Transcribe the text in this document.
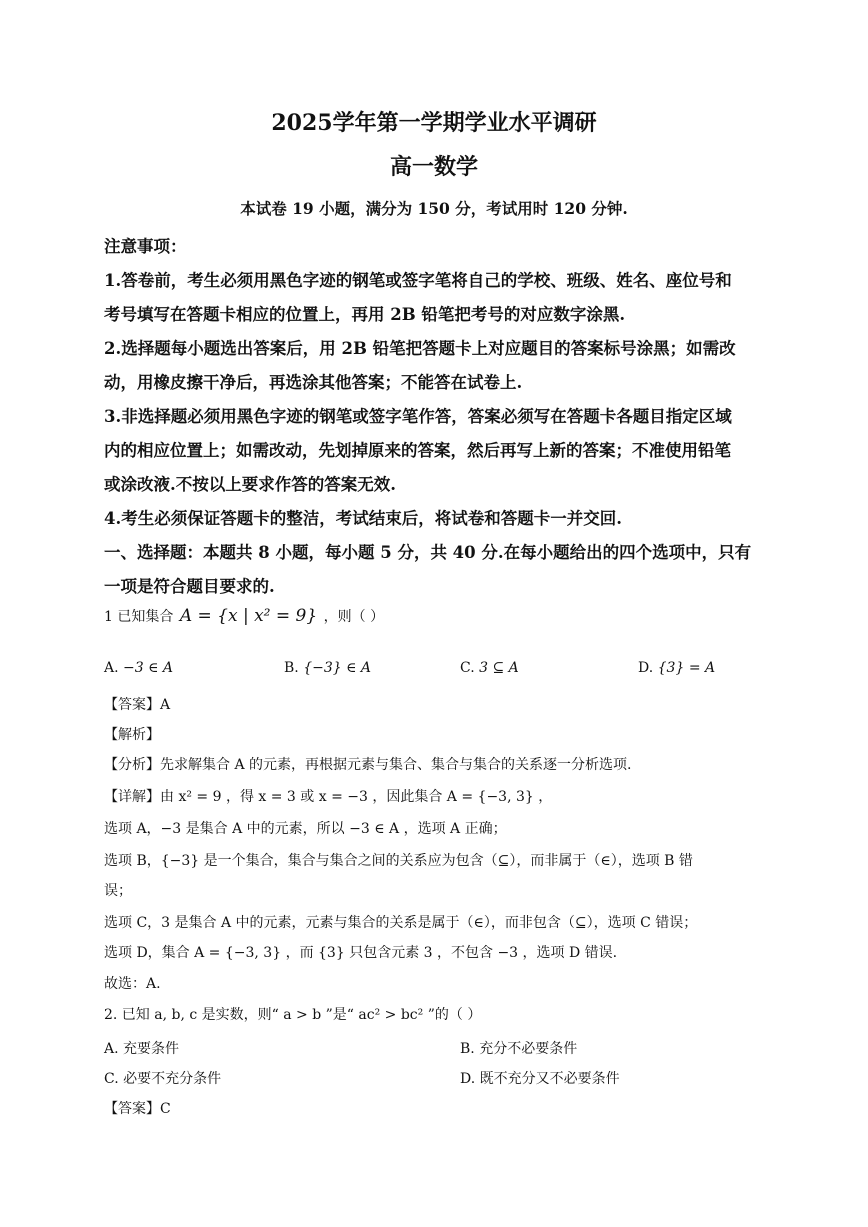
2025学年第一学期学业水平调研
高一数学
本试卷 19 小题，满分为 150 分，考试用时 120 分钟.
注意事项：
1.答卷前，考生必须用黑色字迹的钢笔或签字笔将自己的学校、班级、姓名、座位号和
考号填写在答题卡相应的位置上，再用 2B 铅笔把考号的对应数字涂黑.
2.选择题每小题选出答案后，用 2B 铅笔把答题卡上对应题目的答案标号涂黑；如需改
动，用橡皮擦干净后，再选涂其他答案；不能答在试卷上.
3.非选择题必须用黑色字迹的钢笔或签字笔作答，答案必须写在答题卡各题目指定区域
内的相应位置上；如需改动，先划掉原来的答案，然后再写上新的答案；不准使用铅笔
或涂改液.不按以上要求作答的答案无效.
4.考生必须保证答题卡的整洁，考试结束后，将试卷和答题卡一并交回.
一、选择题：本题共 8 小题，每小题 5 分，共 40 分.在每小题给出的四个选项中，只有
一项是符合题目要求的.
1 已知集合 A = {x | x² = 9} ，则（ ）
A. −3 ∈ A	B. {−3} ∈ A	C. 3 ⊆ A	D. {3} = A
【答案】A
【解析】
【分析】先求解集合 A 的元素，再根据元素与集合、集合与集合的关系逐一分析选项.
【详解】由 x² = 9 ，得 x = 3 或 x = −3 ，因此集合 A = {−3, 3} ，
选项 A，−3 是集合 A 中的元素，所以 −3 ∈ A ，选项 A 正确；
选项 B，{−3} 是一个集合，集合与集合之间的关系应为包含（⊆），而非属于（∈），选项 B 错
误；
选项 C，3 是集合 A 中的元素，元素与集合的关系是属于（∈），而非包含（⊆），选项 C 错误；
选项 D，集合 A = {−3, 3} ，而 {3} 只包含元素 3 ，不包含 −3 ，选项 D 错误.
故选：A.
2. 已知 a, b, c 是实数，则“ a > b ”是“ ac² > bc² ”的（ ）
A. 充要条件	B. 充分不必要条件
C. 必要不充分条件	D. 既不充分又不必要条件
【答案】C
